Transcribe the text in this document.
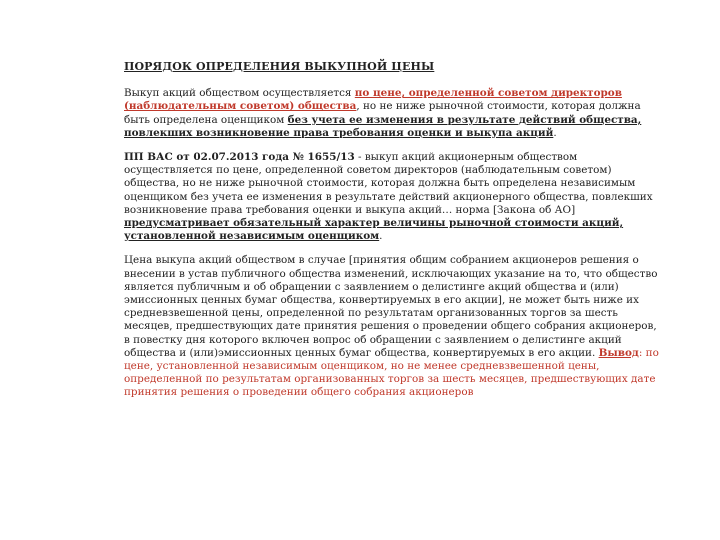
ПОРЯДОК ОПРЕДЕЛЕНИЯ ВЫКУПНОЙ ЦЕНЫ

Выкуп акций обществом осуществляется по цене, определенной советом директоров (наблюдательным советом) общества, но не ниже рыночной стоимости, которая должна быть определена оценщиком без учета ее изменения в результате действий общества, повлекших возникновение права требования оценки и выкупа акций.

ПП ВАС от 02.07.2013 года № 1655/13 - выкуп акций акционерным обществом осуществляется по цене, определенной советом директоров (наблюдательным советом) общества, но не ниже рыночной стоимости, которая должна быть определена независимым оценщиком без учета ее изменения в результате действий акционерного общества, повлекших возникновение права требования оценки и выкупа акций… норма [Закона об АО] предусматривает обязательный характер величины рыночной стоимости акций, установленной независимым оценщиком.

Цена выкупа акций обществом в случае [принятия общим собранием акционеров решения о внесении в устав публичного общества изменений, исключающих указание на то, что общество является публичным и об обращении с заявлением о делистинге акций общества и (или) эмиссионных ценных бумаг общества, конвертируемых в его акции], не может быть ниже их средневзвешенной цены, определенной по результатам организованных торгов за шесть месяцев, предшествующих дате принятия решения о проведении общего собрания акционеров, в повестку дня которого включен вопрос об обращении с заявлением о делистинге акций общества и (или)эмиссионных ценных бумаг общества, конвертируемых в его акции. Вывод: по цене, установленной независимым оценщиком, но не менее средневзвешенной цены, определенной по результатам организованных торгов за шесть месяцев, предшествующих дате принятия решения о проведении общего собрания акционеров
